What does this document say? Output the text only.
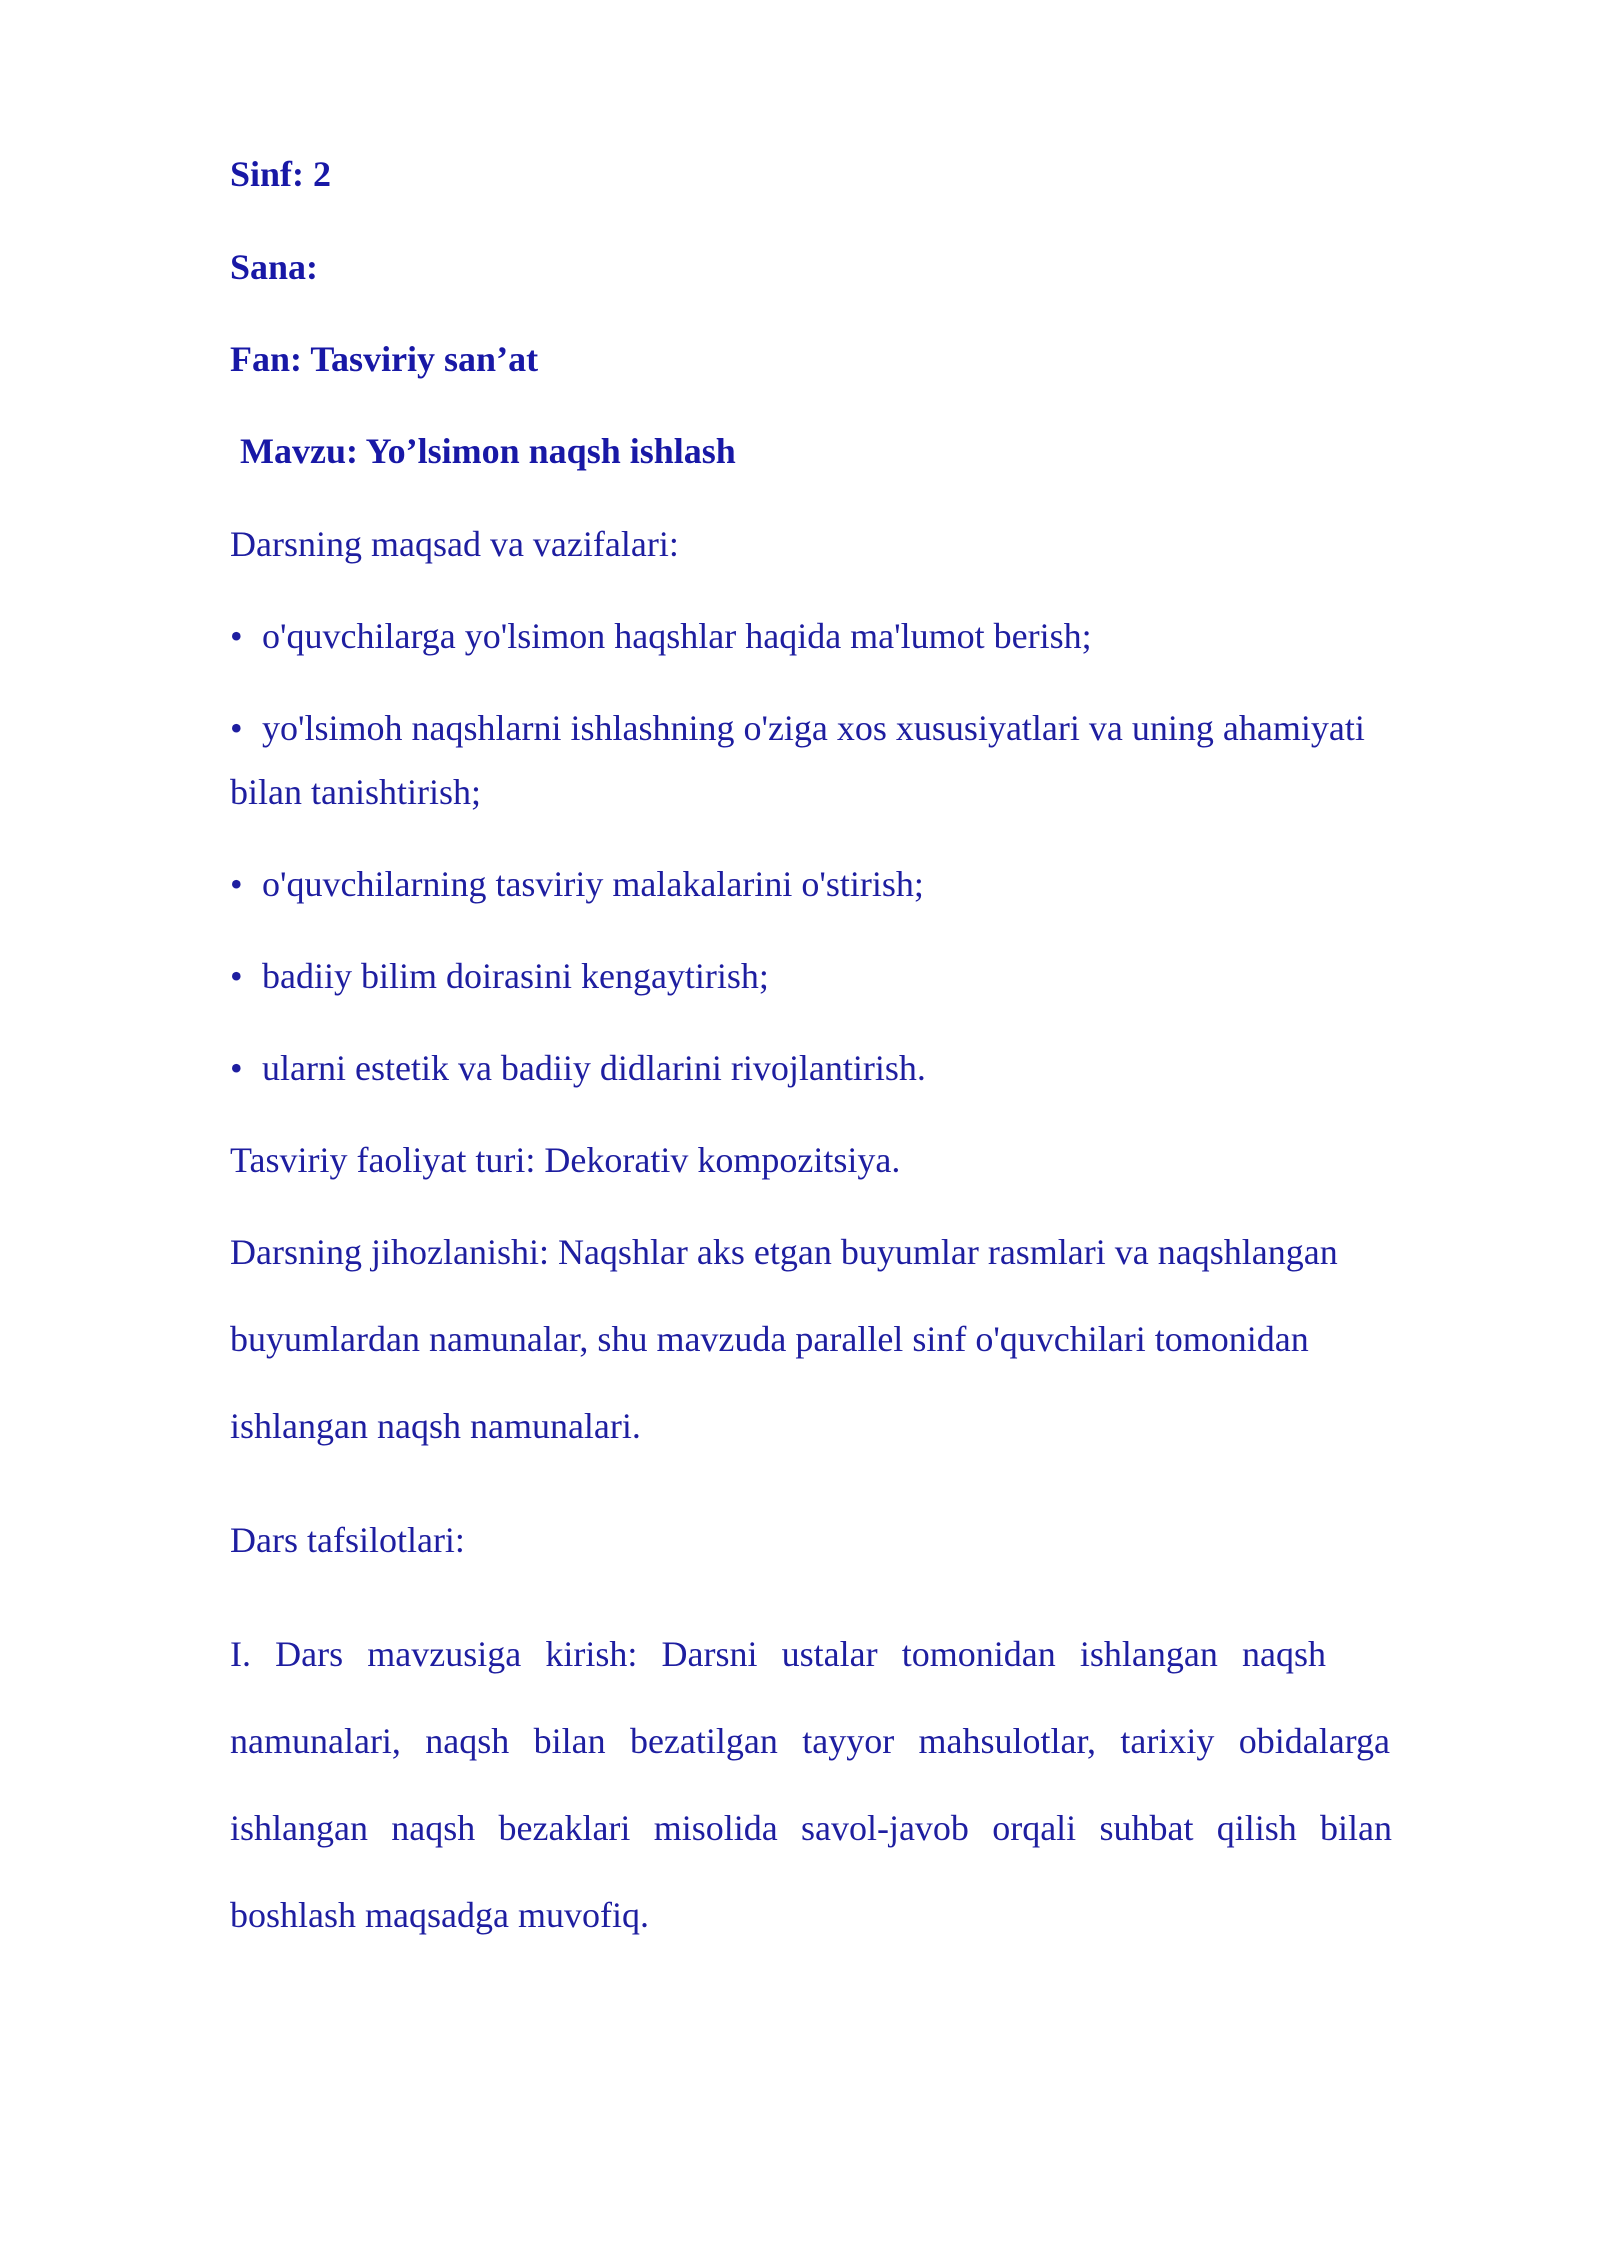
Sinf: 2
Sana:
Fan: Tasviriy san’at
Mavzu: Yo’lsimon naqsh ishlash
Darsning maqsad va vazifalari:
• o'quvchilarga yo'lsimon haqshlar haqida ma'lumot berish;
• yo'lsimoh naqshlarni ishlashning o'ziga xos xususiyatlari va uning ahamiyati
bilan tanishtirish;
• o'quvchilarning tasviriy malakalarini o'stirish;
• badiiy bilim doirasini kengaytirish;
• ularni estetik va badiiy didlarini rivojlantirish.
Tasviriy faoliyat turi: Dekorativ kompozitsiya.
Darsning jihozlanishi: Naqshlar aks etgan buyumlar rasmlari va naqshlangan
buyumlardan namunalar, shu mavzuda parallel sinf o'quvchilari tomonidan
ishlangan naqsh namunalari.
Dars tafsilotlari:
I. Dars mavzusiga kirish: Darsni ustalar tomonidan ishlangan naqsh
namunalari, naqsh bilan bezatilgan tayyor mahsulotlar, tarixiy obidalarga
ishlangan naqsh bezaklari misolida savol-javob orqali suhbat qilish bilan
boshlash maqsadga muvofiq.
